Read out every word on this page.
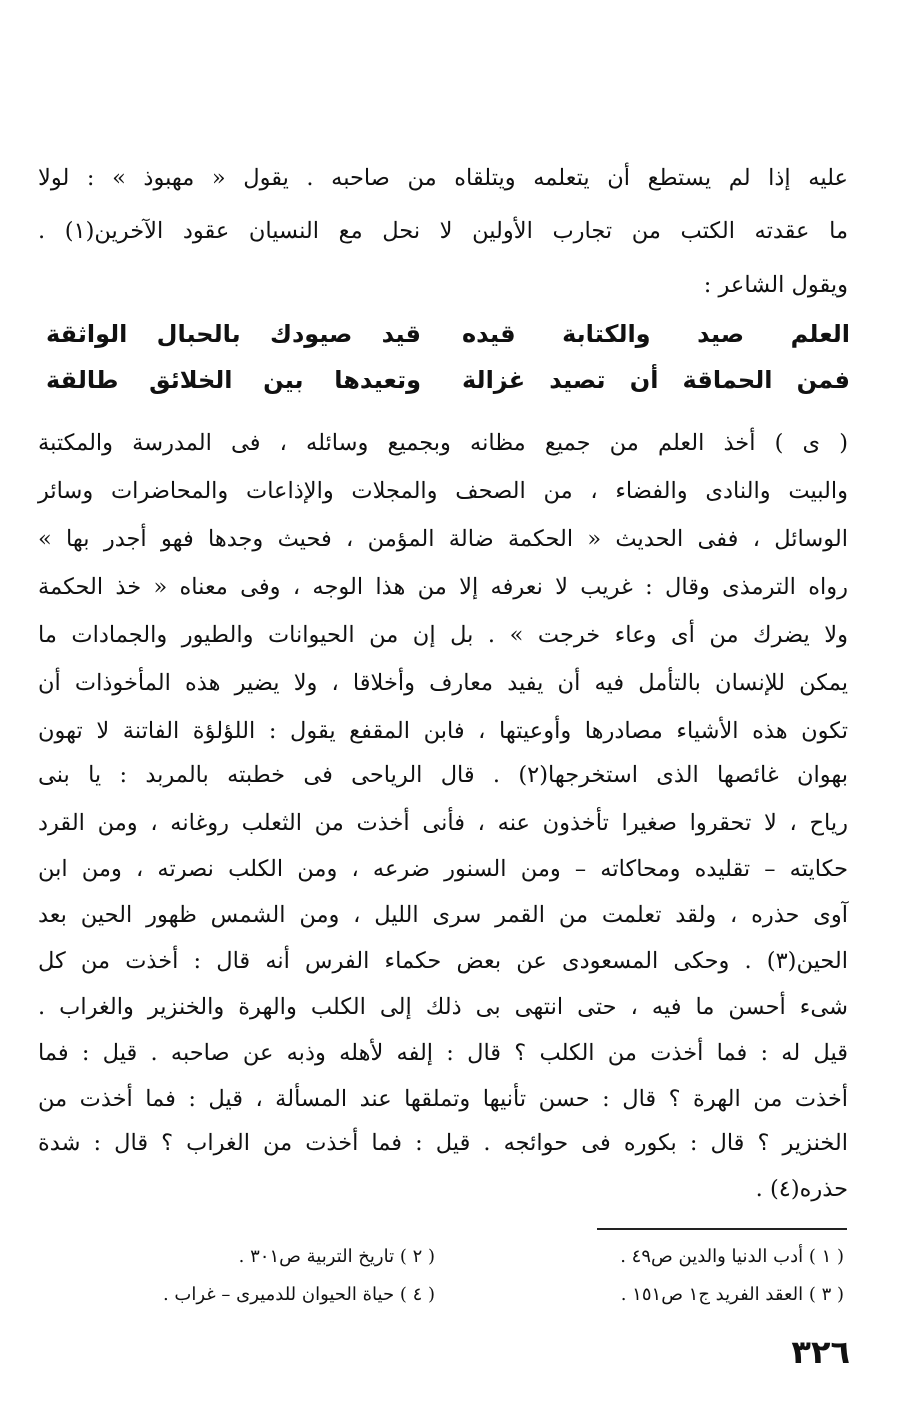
عليه إذا لم يستطع أن يتعلمه ويتلقاه من صاحبه . يقول « مهبوذ » : لولا
ما عقدته الكتب من تجارب الأولين لا نحل مع النسيان عقود الآخرين(١) .
ويقول الشاعر :
العلم صيد والكتابة قيده
قيد صيودك بالحبال الواثقة
فمن الحماقة أن تصيد غزالة
وتعيدها بين الخلائق طالقة
( ى ) أخذ العلم من جميع مظانه وبجميع وسائله ، فى المدرسة والمكتبة
والبيت والنادى والفضاء ، من الصحف والمجلات والإذاعات والمحاضرات وسائر
الوسائل ، ففى الحديث « الحكمة ضالة المؤمن ، فحيث وجدها فهو أجدر بها »
رواه الترمذى وقال : غريب لا نعرفه إلا من هذا الوجه ، وفى معناه « خذ الحكمة
ولا يضرك من أى وعاء خرجت » . بل إن من الحيوانات والطيور والجمادات ما
يمكن للإنسان بالتأمل فيه أن يفيد معارف وأخلاقا ، ولا يضير هذه المأخوذات أن
تكون هذه الأشياء مصادرها وأوعيتها ، فابن المقفع يقول : اللؤلؤة الفاتنة لا تهون
بهوان غائصها الذى استخرجها(٢) . قال الرياحى فى خطبته بالمربد : يا بنى
رياح ، لا تحقروا صغيرا تأخذون عنه ، فأنى أخذت من الثعلب روغانه ، ومن القرد
حكايته – تقليده ومحاكاته – ومن السنور ضرعه ، ومن الكلب نصرته ، ومن ابن
آوى حذره ، ولقد تعلمت من القمر سرى الليل ، ومن الشمس ظهور الحين بعد
الحين(٣) . وحكى المسعودى عن بعض حكماء الفرس أنه قال : أخذت من كل
شىء أحسن ما فيه ، حتى انتهى بى ذلك إلى الكلب والهرة والخنزير والغراب .
قيل له : فما أخذت من الكلب ؟ قال : إلفه لأهله وذبه عن صاحبه . قيل : فما
أخذت من الهرة ؟ قال : حسن تأنيها وتملقها عند المسألة ، قيل : فما أخذت من
الخنزير ؟ قال : بكوره فى حوائجه . قيل : فما أخذت من الغراب ؟ قال : شدة
حذره(٤) .
( ١ ) أدب الدنيا والدين ص٤٩ .
( ٢ ) تاريخ التربية ص٣٠١ .
( ٣ ) العقد الفريد ج١ ص١٥١ .
( ٤ ) حياة الحيوان للدميرى – غراب .
٣٢٦
